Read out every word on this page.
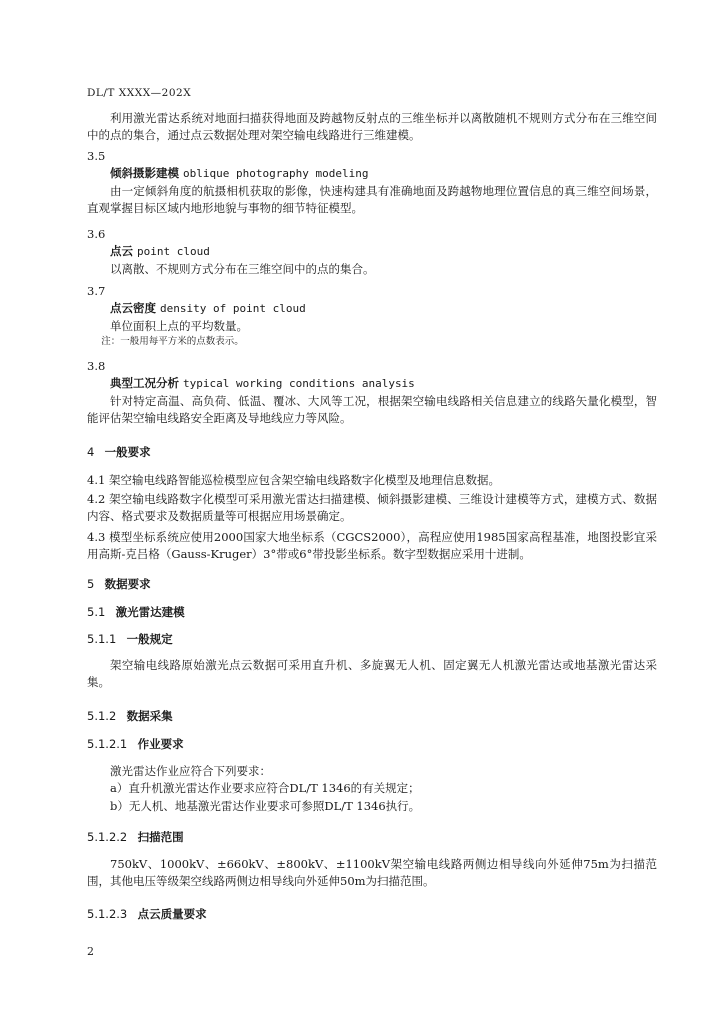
DL/T XXXX—202X

利用激光雷达系统对地面扫描获得地面及跨越物反射点的三维坐标并以离散随机不规则方式分布在三维空间中的点的集合，通过点云数据处理对架空输电线路进行三维建模。

3.5

倾斜摄影建模 oblique photography modeling

由一定倾斜角度的航摄相机获取的影像，快速构建具有准确地面及跨越物地理位置信息的真三维空间场景，直观掌握目标区域内地形地貌与事物的细节特征模型。

3.6

点云 point cloud

以离散、不规则方式分布在三维空间中的点的集合。

3.7

点云密度 density of point cloud

单位面积上点的平均数量。

注：一般用每平方米的点数表示。

3.8

典型工况分析 typical working conditions analysis

针对特定高温、高负荷、低温、覆冰、大风等工况，根据架空输电线路相关信息建立的线路矢量化模型，智能评估架空输电线路安全距离及导地线应力等风险。

4 一般要求

4.1 架空输电线路智能巡检模型应包含架空输电线路数字化模型及地理信息数据。

4.2 架空输电线路数字化模型可采用激光雷达扫描建模、倾斜摄影建模、三维设计建模等方式，建模方式、数据内容、格式要求及数据质量等可根据应用场景确定。

4.3 模型坐标系统应使用2000国家大地坐标系（CGCS2000），高程应使用1985国家高程基准，地图投影宜采用高斯-克吕格（Gauss-Kruger）3°带或6°带投影坐标系。数字型数据应采用十进制。

5 数据要求

5.1 激光雷达建模

5.1.1 一般规定

架空输电线路原始激光点云数据可采用直升机、多旋翼无人机、固定翼无人机激光雷达或地基激光雷达采集。

5.1.2 数据采集

5.1.2.1 作业要求

激光雷达作业应符合下列要求：

a）直升机激光雷达作业要求应符合DL/T 1346的有关规定；

b）无人机、地基激光雷达作业要求可参照DL/T 1346执行。

5.1.2.2 扫描范围

750kV、1000kV、±660kV、±800kV、±1100kV架空输电线路两侧边相导线向外延伸75m为扫描范围，其他电压等级架空线路两侧边相导线向外延伸50m为扫描范围。

5.1.2.3 点云质量要求

2
